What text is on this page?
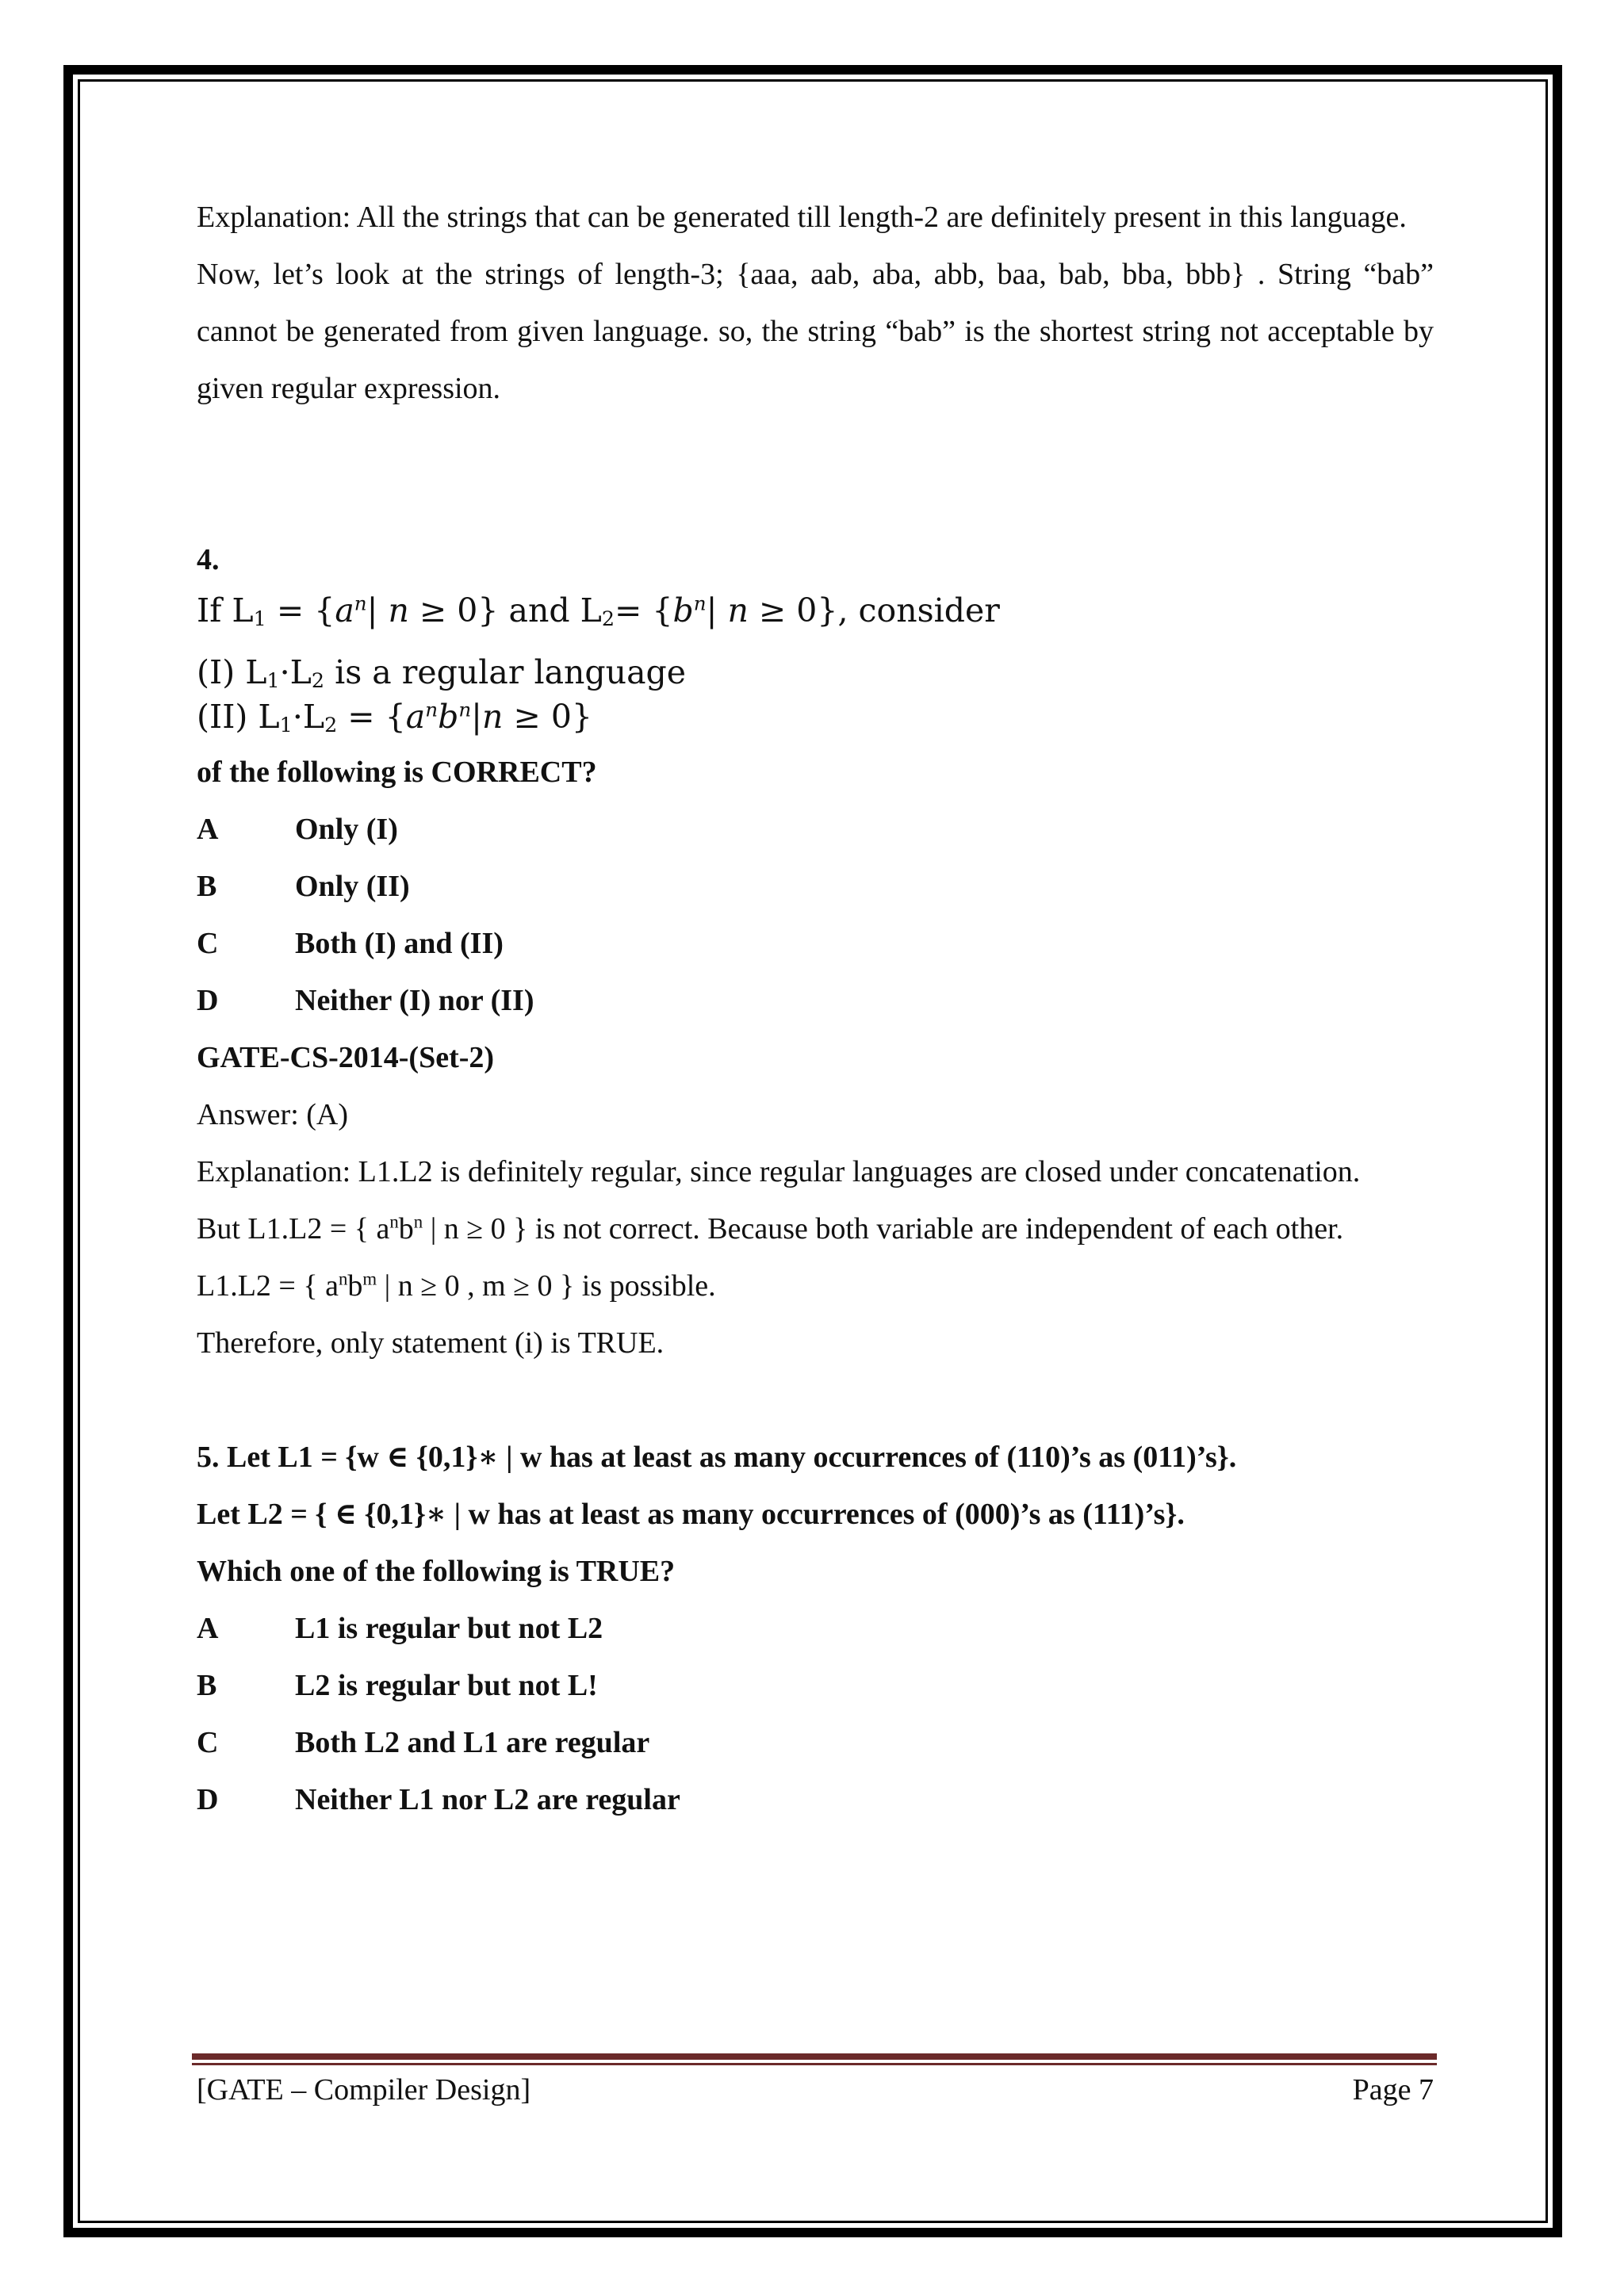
Explanation: All the strings that can be generated till length-2 are definitely present in this language.

Now, let’s look at the strings of length-3; {aaa, aab, aba, abb, baa, bab, bba, bbb} . String “bab” cannot be generated from given language. so, the string “bab” is the shortest string not acceptable by given regular expression.

4.

If $L_1 = \{a^n|$ n ≥ 0} and $L_2= \{b^n|$ n ≥ 0}, consider
(I) $L_1\cdot L_2$ is a regular language
(II) $L_1\cdot L_2 = \{a^nb^n|n \ge 0\}$

of the following is CORRECT?

A	Only (I)
B	Only (II)
C	Both (I) and (II)
D	Neither (I) nor (II)

GATE-CS-2014-(Set-2)

Answer: (A)

Explanation: L1.L2 is definitely regular, since regular languages are closed under concatenation.

But L1.L2 = { $a^nb^n$ | n ≥ 0 } is not correct. Because both variable are independent of each other.

L1.L2 = { $a^nb^m$ | n ≥ 0 , m ≥ 0 } is possible.

Therefore, only statement (i) is TRUE.

5. Let L1 = {w ∈ {0,1}∗ | w has at least as many occurrences of (110)’s as (011)’s}.

Let L2 = { ∈ {0,1}∗ | w has at least as many occurrences of (000)’s as (111)’s}.

Which one of the following is TRUE?

A	L1 is regular but not L2
B	L2 is regular but not L!
C	Both L2 and L1 are regular
D	Neither L1 nor L2 are regular
[GATE – Compiler Design]	Page 7
